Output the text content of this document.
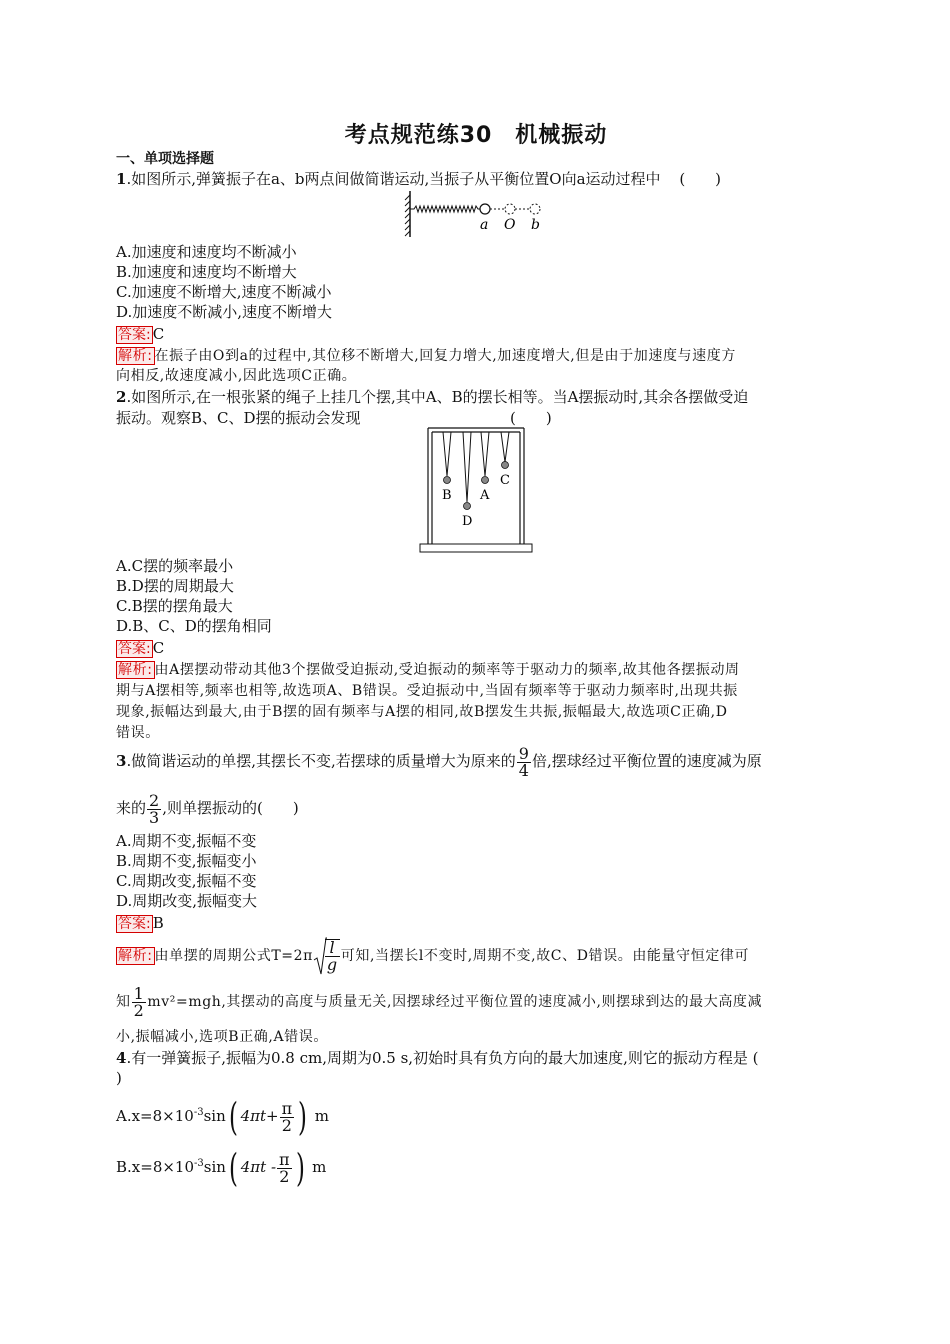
考点规范练30　机械振动
一、单项选择题
1.如图所示,弹簧振子在a、b两点间做简谐运动,当振子从平衡位置O向a运动过程中 (　　)
a O b
A.加速度和速度均不断减小
B.加速度和速度均不断增大
C.加速度不断增大,速度不断减小
D.加速度不断减小,速度不断增大
答案: C
解析: 在振子由O到a的过程中,其位移不断增大,回复力增大,加速度增大,但是由于加速度与速度方
向相反,故速度减小,因此选项C正确。
2.如图所示,在一根张紧的绳子上挂几个摆,其中A、B的摆长相等。当A摆振动时,其余各摆做受迫
振动。观察B、C、D摆的振动会发现	(　　)
B A
C
D
A.C摆的频率最小
B.D摆的周期最大
C.B摆的摆角最大
D.B、C、D的摆角相同
答案: C
解析: 由A摆摆动带动其他3个摆做受迫振动,受迫振动的频率等于驱动力的频率,故其他各摆振动周
期与A摆相等,频率也相等,故选项A、B错误。受迫振动中,当固有频率等于驱动力频率时,出现共振
现象,振幅达到最大,由于B摆的固有频率与A摆的相同,故B摆发生共振,振幅最大,故选项C正确,D
错误。
3.做简谐运动的单摆,其摆长不变,若摆球的质量增大为原来的 $\frac{9}{4}$ 倍,摆球经过平衡位置的速度减为原
来的 $\frac{2}{3}$ ,则单摆振动的(　　)
A.周期不变,振幅不变
B.周期不变,振幅变小
C.周期改变,振幅不变
D.周期改变,振幅变大
答案: B
解析: 由单摆的周期公式$T=2\pi \frac{l}{g}$ 可知,当摆长l不变时,周期不变,故C、D错误。由能量守恒定律可
知 $\frac{1}{2} mv^2=mgh$,其摆动的高度与质量无关,因摆球经过平衡位置的速度减小,则摆球到达的最大高度减
小,振幅减小,选项B正确,A错误。
4.有一弹簧振子,振幅为0.8 cm,周期为0.5 s,初始时具有负方向的最大加速度,则它的振动方程是 (
)
$A.x=8\times 10^{-3}\sin$( $4\pi t+ \frac{\pi}{2}$ ) m
$B.x=8\times 10^{-3}\sin$( $4\pi t - \frac{\pi}{2}$ ) m
